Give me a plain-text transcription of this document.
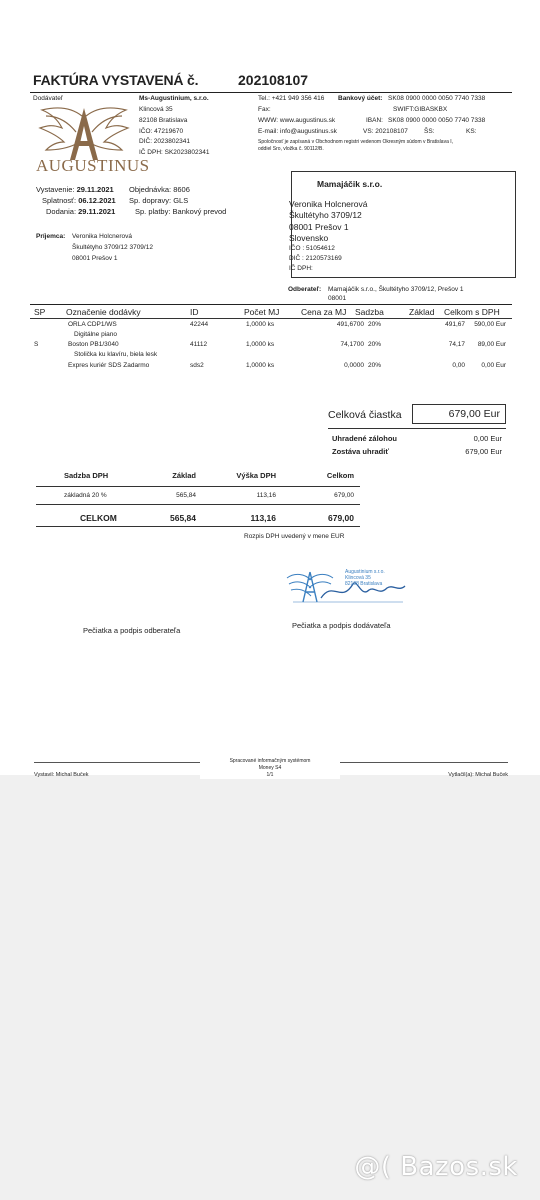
FAKTÚRA VYSTAVENÁ č.	202108107
Dodávateľ	Ms-Augustinium, s.r.o.
Klincová 35
82108 Bratislava
IČO: 47219670
DIČ: 2023802341
IČ DPH: SK2023802341
AUGUSTINUS
Tel.: +421 949 356 416 Bankový účet: SK08 0900 0000 0050 7740 7338
Fax:	SWIFT:GIBASKBX
WWW: www.augustinus.sk	IBAN: SK08 0900 0000 0050 7740 7338
E-mail: info@augustinus.sk	VS: 202108107 ŠS:	KS:
Spoločnosť je zapísaná v Obchodnom registri vedenom Okresným súdom v Bratislava I,
oddiel Sro, vložka č. 90112/B.
Vystavenie: 29.11.2021	Objednávka: 8606
Splatnosť: 06.12.2021 Sp. dopravy: GLS
Dodania: 29.11.2021	Sp. platby: Bankový prevod
Príjemca: Veronika Holcnerová
Škultétyho 3709/12 3709/12
08001 Prešov 1
Mamajáčik s.r.o.
Veronika Holcnerová
Škultétyho 3709/12
08001 Prešov 1
Slovensko
IČO : 51054612
DIČ : 2120573169
IČ DPH:
Odberateľ: Mamajáčik s.r.o., Škultétyho 3709/12, Prešov 1
08001
SP Označenie dodávky	ID	Počet MJ	Cena za MJ Sadzba	Základ Celkom s DPH
ORLA CDP1/WS	42244	1,0000 ks	491,6700 20%	491,67 590,00 Eur
Digitálne piano
S	Boston PB1/3040	41112	1,0000 ks	74,1700 20%	74,17 89,00 Eur
Stolička ku klavíru, biela lesk
Expres kuriér SDS Zadarmo	sds2	1,0000 ks	0,0000 20%	0,00	0,00 Eur
Celková čiastka	679,00 Eur
Uhradené zálohou	0,00 Eur
Zostáva uhradiť	679,00 Eur
Sadzba DPH	Základ	Výška DPH	Celkom
základná 20 %	565,84	113,16	679,00
CELKOM	565,84	113,16	679,00
Rozpis DPH uvedený v mene EUR
Augustinium s.r.o.
Klincová 35
82108 Bratislava
Pečiatka a podpis odberateľa
Pečiatka a podpis dodávateľa
Spracované informačným systémom
Money S4
1/1
Vystavil: Michal Buček	Vytlačil(a): Michal Buček
@( Bazos.sk
